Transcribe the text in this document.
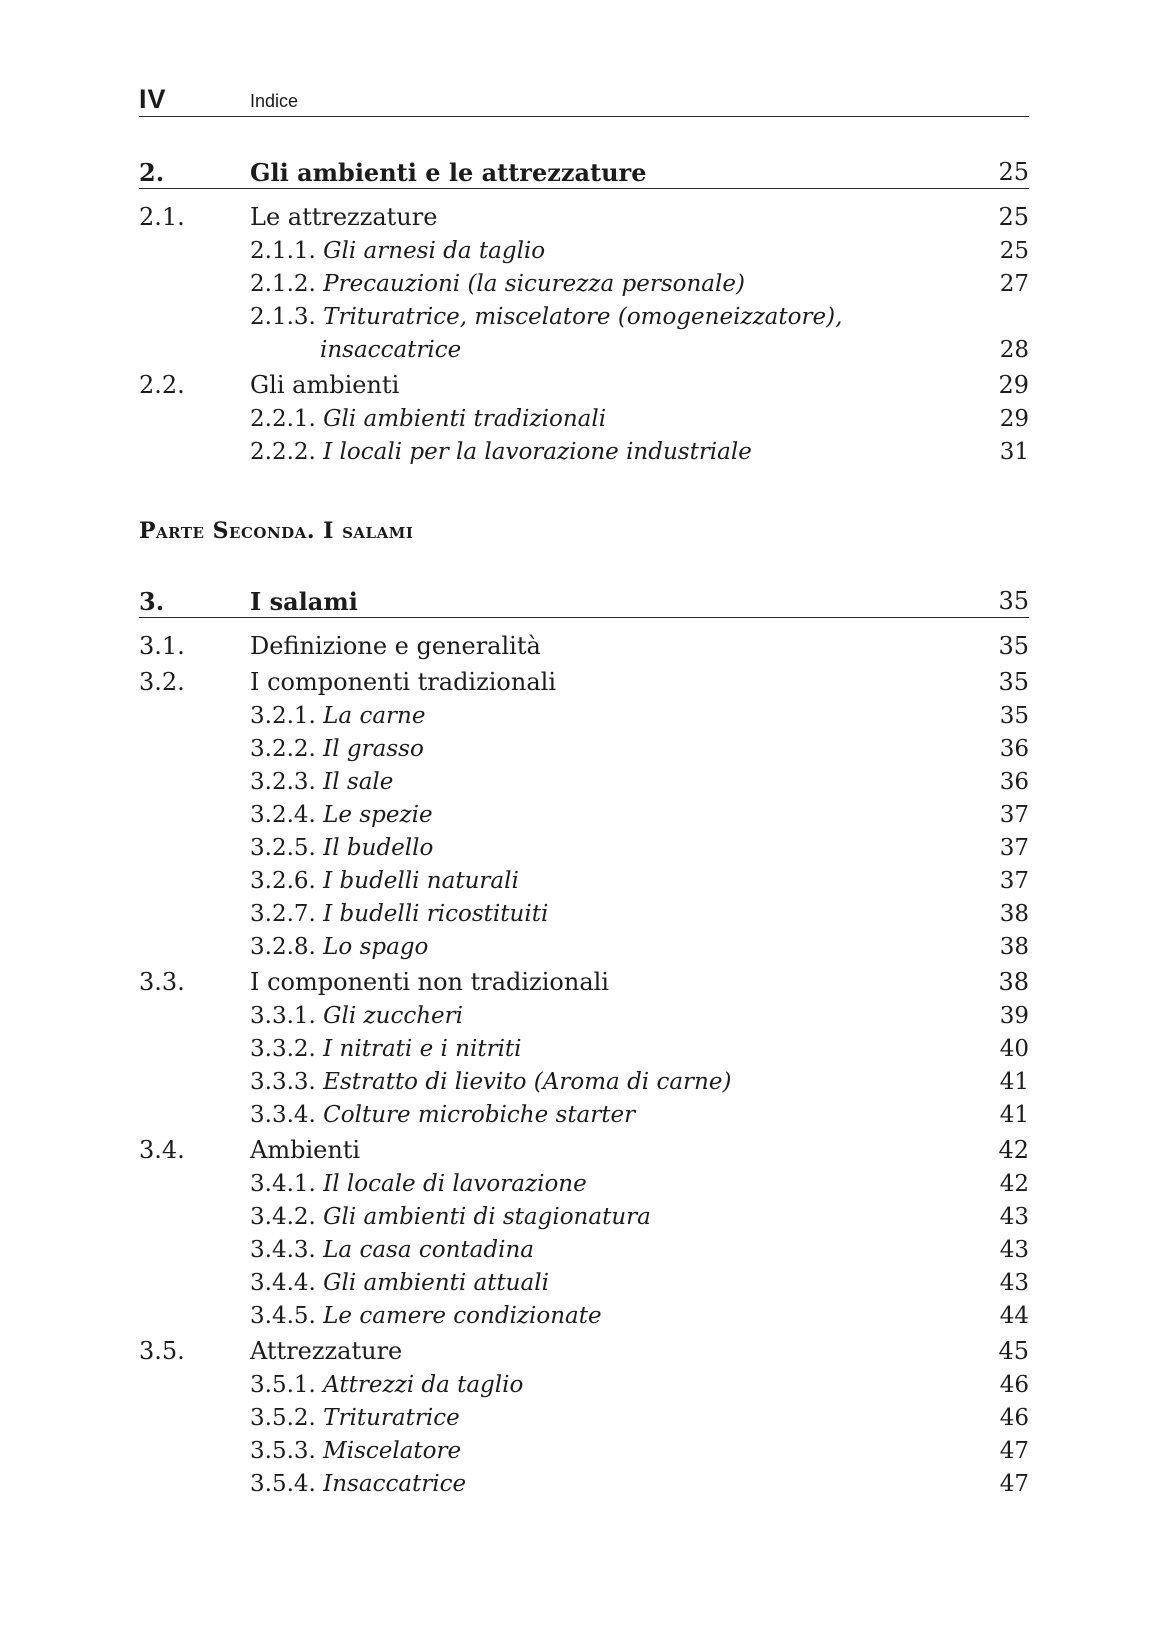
IV	Indice
2.	Gli ambienti e le attrezzature	25
2.1.	Le attrezzature	25
2.1.1. Gli arnesi da taglio	25
2.1.2. Precauzioni (la sicurezza personale)	27
2.1.3. Trituratrice, miscelatore (omogeneizzatore),
insaccatrice	28
2.2.	Gli ambienti	29
2.2.1. Gli ambienti tradizionali	29
2.2.2. I locali per la lavorazione industriale	31
Parte Seconda. I salami
3.	I salami	35
3.1.	Definizione e generalità	35
3.2.	I componenti tradizionali	35
3.2.1. La carne	35
3.2.2. Il grasso	36
3.2.3. Il sale	36
3.2.4. Le spezie	37
3.2.5. Il budello	37
3.2.6. I budelli naturali	37
3.2.7. I budelli ricostituiti	38
3.2.8. Lo spago	38
3.3.	I componenti non tradizionali	38
3.3.1. Gli zuccheri	39
3.3.2. I nitrati e i nitriti	40
3.3.3. Estratto di lievito (Aroma di carne)	41
3.3.4. Colture microbiche starter	41
3.4.	Ambienti	42
3.4.1. Il locale di lavorazione	42
3.4.2. Gli ambienti di stagionatura	43
3.4.3. La casa contadina	43
3.4.4. Gli ambienti attuali	43
3.4.5. Le camere condizionate	44
3.5.	Attrezzature	45
3.5.1. Attrezzi da taglio	46
3.5.2. Trituratrice	46
3.5.3. Miscelatore	47
3.5.4. Insaccatrice	47
